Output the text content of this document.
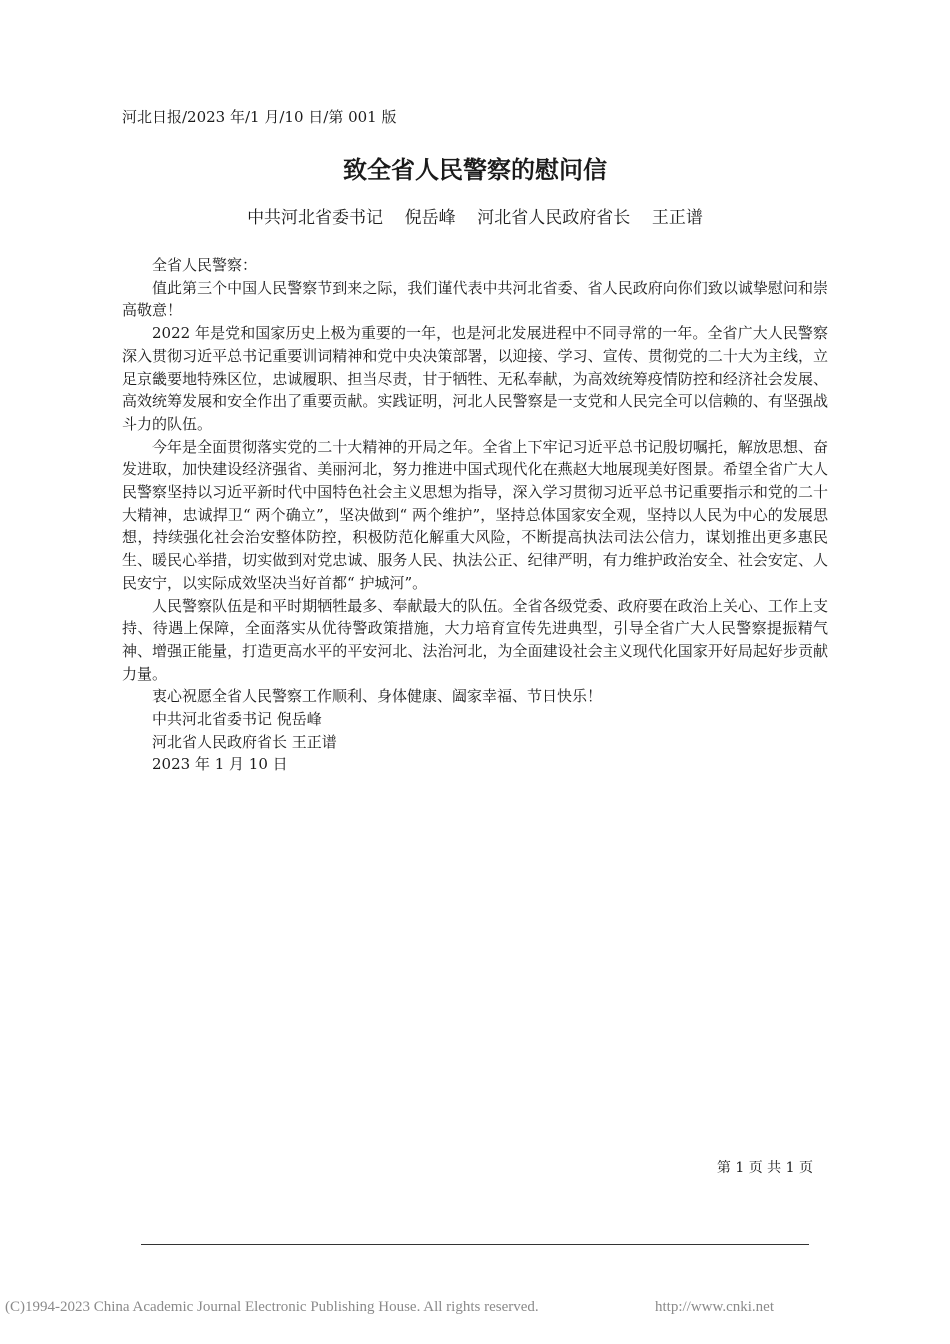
河北日报/2023 年/1 月/10 日/第 001 版
致全省人民警察的慰问信
中共河北省委书记    倪岳峰    河北省人民政府省长    王正谱

全省人民警察：

值此第三个中国人民警察节到来之际，我们谨代表中共河北省委、省人民政府向你们致以诚挚慰问和崇高敬意！

2022 年是党和国家历史上极为重要的一年，也是河北发展进程中不同寻常的一年。全省广大人民警察深入贯彻习近平总书记重要训词精神和党中央决策部署，以迎接、学习、宣传、贯彻党的二十大为主线，立足京畿要地特殊区位，忠诚履职、担当尽责，甘于牺牲、无私奉献，为高效统筹疫情防控和经济社会发展、高效统筹发展和安全作出了重要贡献。实践证明，河北人民警察是一支党和人民完全可以信赖的、有坚强战斗力的队伍。

今年是全面贯彻落实党的二十大精神的开局之年。全省上下牢记习近平总书记殷切嘱托，解放思想、奋发进取，加快建设经济强省、美丽河北，努力推进中国式现代化在燕赵大地展现美好图景。希望全省广大人民警察坚持以习近平新时代中国特色社会主义思想为指导，深入学习贯彻习近平总书记重要指示和党的二十大精神，忠诚捍卫“ 两个确立”，坚决做到“ 两个维护”，坚持总体国家安全观，坚持以人民为中心的发展思想，持续强化社会治安整体防控，积极防范化解重大风险，不断提高执法司法公信力，谋划推出更多惠民生、暖民心举措，切实做到对党忠诚、服务人民、执法公正、纪律严明，有力维护政治安全、社会安定、人民安宁，以实际成效坚决当好首都“ 护城河”。

人民警察队伍是和平时期牺牲最多、奉献最大的队伍。全省各级党委、政府要在政治上关心、工作上支持、待遇上保障，全面落实从优待警政策措施，大力培育宣传先进典型，引导全省广大人民警察提振精气神、增强正能量，打造更高水平的平安河北、法治河北，为全面建设社会主义现代化国家开好局起好步贡献力量。

衷心祝愿全省人民警察工作顺利、身体健康、阖家幸福、节日快乐！

中共河北省委书记 倪岳峰

河北省人民政府省长 王正谱

2023 年 1 月 10 日

第 1 页 共 1 页
(C)1994-2023 China Academic Journal Electronic Publishing House. All rights reserved.	http://www.cnki.net
